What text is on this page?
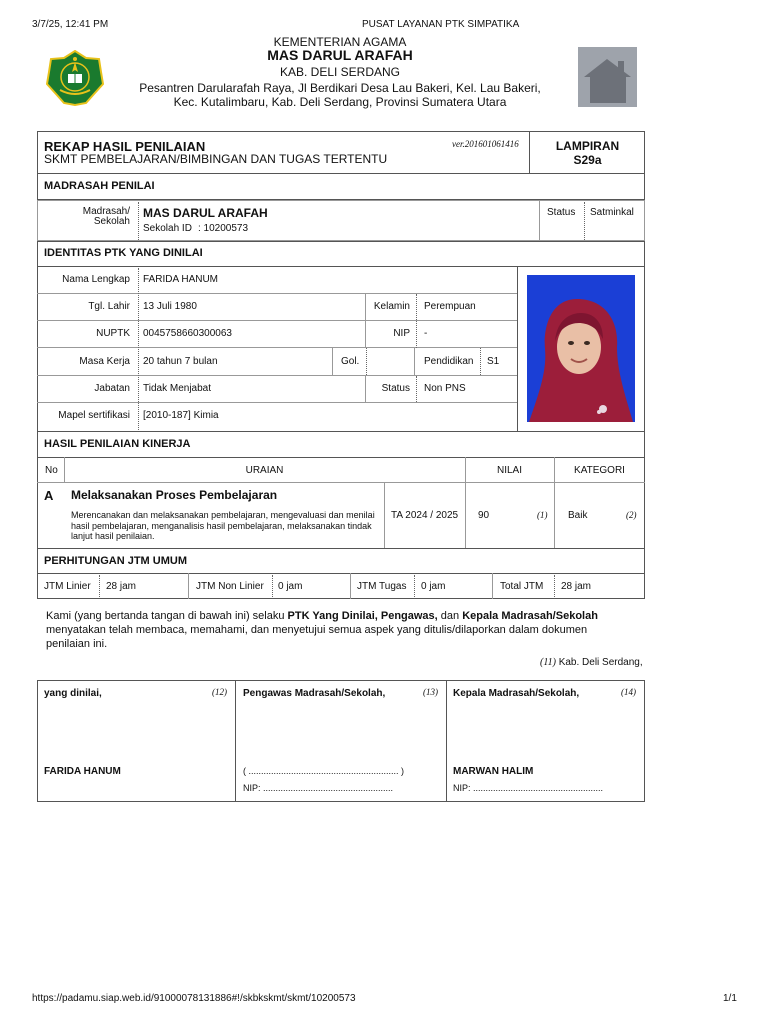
3/7/25, 12:41 PM	PUSAT LAYANAN PTK SIMPATIKA
KEMENTERIAN AGAMA
MAS DARUL ARAFAH
KAB. DELI SERDANG
Pesantren Darularafah Raya, Jl Berdikari Desa Lau Bakeri, Kel. Lau Bakeri,
Kec. Kutalimbaru, Kab. Deli Serdang, Provinsi Sumatera Utara
REKAP HASIL PENILAIAN
SKMT PEMBELAJARAN/BIMBINGAN DAN TUGAS TERTENTU
ver.201601061416	LAMPIRAN
S29a
MADRASAH PENILAI
Madrasah/
Sekolah
MAS DARUL ARAFAH
Sekolah ID : 10200573
Status Satminkal
IDENTITAS PTK YANG DINILAI
Nama Lengkap FARIDA HANUM
Tgl. Lahir 13 Juli 1980	Kelamin Perempuan
NUPTK 0045758660300063	NIP -
Masa Kerja 20 tahun 7 bulan	Gol.	Pendidikan S1
Jabatan Tidak Menjabat	Status Non PNS
Mapel sertifikasi [2010-187] Kimia
HASIL PENILAIAN KINERJA
No	URAIAN	NILAI	KATEGORI
A Melaksanakan Proses Pembelajaran
Merencanakan dan melaksanakan pembelajaran, mengevaluasi dan menilai hasil pembelajaran, menganalisis hasil pembelajaran, melaksanakan tindak lanjut hasil penilaian.
TA 2024 / 2025 90	(1) Baik	(2)
PERHITUNGAN JTM UMUM
JTM Linier 28 jam	JTM Non Linier 0 jam	JTM Tugas 0 jam	Total JTM 28 jam
Kami (yang bertanda tangan di bawah ini) selaku PTK Yang Dinilai, Pengawas, dan Kepala Madrasah/Sekolah menyatakan telah membaca, memahami, dan menyetujui semua aspek yang ditulis/dilaporkan dalam dokumen penilaian ini.
(11) Kab. Deli Serdang,
yang dinilai,	(12)
FARIDA HANUM
Pengawas Madrasah/Sekolah,	(13)
( ............................................................ )
NIP: ....................................................
Kepala Madrasah/Sekolah,	(14)
MARWAN HALIM
NIP: ....................................................
https://padamu.siap.web.id/91000078131886#!/skbkskmt/skmt/10200573	1/1
